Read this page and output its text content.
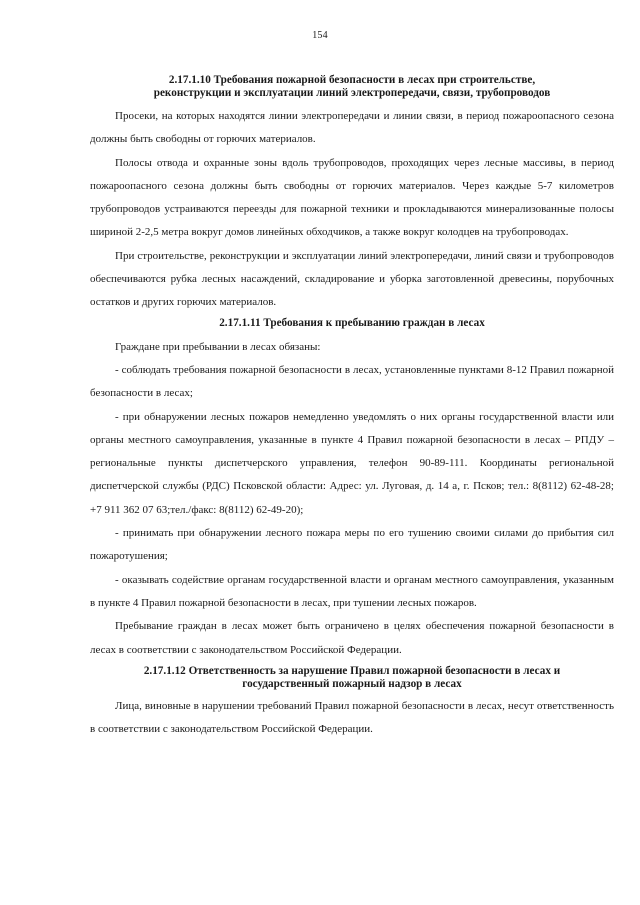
154
2.17.1.10 Требования пожарной безопасности в лесах при строительстве,
реконструкции и эксплуатации линий электропередачи, связи, трубопроводов

Просеки, на которых находятся линии электропередачи и линии связи, в период пожароопасного сезона должны быть свободны от горючих материалов.

Полосы отвода и охранные зоны вдоль трубопроводов, проходящих через лесные массивы, в период пожароопасного сезона должны быть свободны от горючих материалов. Через каждые 5-7 километров трубопроводов устраиваются переезды для пожарной техники и прокладываются минерализованные полосы шириной 2-2,5 метра вокруг домов линейных обходчиков, а также вокруг колодцев на трубопроводах.

При строительстве, реконструкции и эксплуатации линий электропередачи, линий связи и трубопроводов обеспечиваются рубка лесных насаждений, складирование и уборка заготовленной древесины, порубочных остатков и других горючих материалов.

2.17.1.11 Требования к пребыванию граждан в лесах

Граждане при пребывании в лесах обязаны:

- соблюдать требования пожарной безопасности в лесах, установленные пунктами 8-12 Правил пожарной безопасности в лесах;

- при обнаружении лесных пожаров немедленно уведомлять о них органы государственной власти или органы местного самоуправления, указанные в пункте 4 Правил пожарной безопасности в лесах – РПДУ – региональные пункты диспетчерского управления, телефон 90-89-111. Координаты региональной диспетчерской службы (РДС) Псковской области: Адрес: ул. Луговая, д. 14 а, г. Псков; тел.: 8(8112) 62-48-28; +7 911 362 07 63;тел./факс: 8(8112) 62-49-20);

- принимать при обнаружении лесного пожара меры по его тушению своими силами до прибытия сил пожаротушения;

- оказывать содействие органам государственной власти и органам местного самоуправления, указанным в пункте 4 Правил пожарной безопасности в лесах, при тушении лесных пожаров.

Пребывание граждан в лесах может быть ограничено в целях обеспечения пожарной безопасности в лесах в соответствии с законодательством Российской Федерации.

2.17.1.12 Ответственность за нарушение Правил пожарной безопасности в лесах и
государственный пожарный надзор в лесах

Лица, виновные в нарушении требований Правил пожарной безопасности в лесах, несут ответственность в соответствии с законодательством Российской Федерации.
